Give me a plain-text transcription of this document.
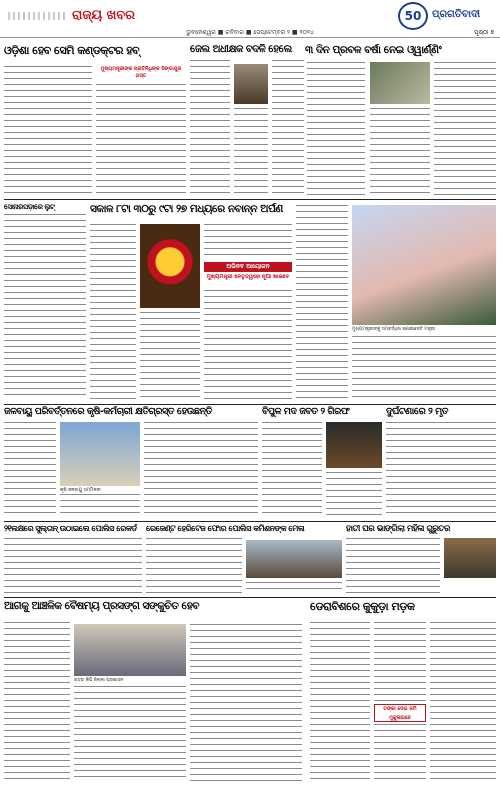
ରାଜ୍ୟ ଖବର	50	ପ୍ରଗତିବାଦୀ
ଭୁବନେଶ୍ୱର ■ ରବିବାର ■ ସେପ୍ଟେମ୍ବର ୨ ■ ୨୦୨୪	ପୃଷ୍ଠା ୭
ଓଡ଼ିଶା ହେବ ସେମି କଣ୍ଡକ୍ଟର ହବ୍	ଜେଲ ଅଧୀକ୍ଷକ ବଦଳି ହେଲେ	୩ ଦିନ ପ୍ରବଳ ବର୍ଷା ନେଇ ଓ୍ୱାର୍ଣ୍ଣିଂ
ମୁଖ୍ୟମନ୍ତ୍ରୀଙ୍କ ପ୍ରତିନିଧିଙ୍କ ସିଙ୍ଗାପୁର ଗସ୍ତ
ସୋନାରପଡ଼ାରେ ଲୁଟ୍	ସକାଳ ୮ଟା ୩୦ରୁ ୯ଟା ୨୭ ମଧ୍ୟରେ ନବାନ୍ନ ଅର୍ପଣ
ଅଭିନବ ଆୟୋଜନ
ମୁଖ୍ୟମନ୍ତ୍ରୀ ନେତୃତ୍ୱରେ ନୂଆ ଖାଇବେ
ମୁଖ୍ୟମନ୍ତ୍ରୀଙ୍କୁ ସମ୍ବର୍ଦ୍ଧନା ଜଣାଇଛନ୍ତି ମନ୍ତ୍ରୀ
ଜଳବାୟୁ ପରିବର୍ତ୍ତନରେ କୃଷି-କର୍ମଚାରୀ କ୍ଷତିଗ୍ରସ୍ତ ହେଉଛନ୍ତି	ବିପୁଳ ମଦ ଜବତ ୨ ଗିରଫ	ଦୁର୍ଘଟଣାରେ ୨ ମୃତ
କୃଷି ଜଳବାୟୁ ସମ୍ମିଳନୀ
୨୧ଲକ୍ଷରେ ସୁଲ୍ତାନ୍ ଉଠାଇଲେ ପୋଲିସ ରେକର୍ଡ	ରେଜେଣ୍ଟ ହେରିଟେଜ ଫୋର ପୋଲିସ କମିଶନଙ୍କ ମେଳା	ହାତୀ ଘର ଭାଙ୍ଗିଲା ମହିଳା ଗୁରୁତର
ଆଗକୁ ଆଞ୍ଚଳିକ ବୈଷମ୍ୟ ପ୍ରସଙ୍ଗ ସଙ୍କୁଚିତ ହେବ	ଡେରାବିଶରେ କୁକୁଡ଼ା ମଡ଼କ
ରାତ୍ର କିପି ଜିଲ୍ଲା ପ୍ରଶାସନ
ଟଙ୍କା ଦେଇ ଜମି ମୁକୁଳାଇବେ
